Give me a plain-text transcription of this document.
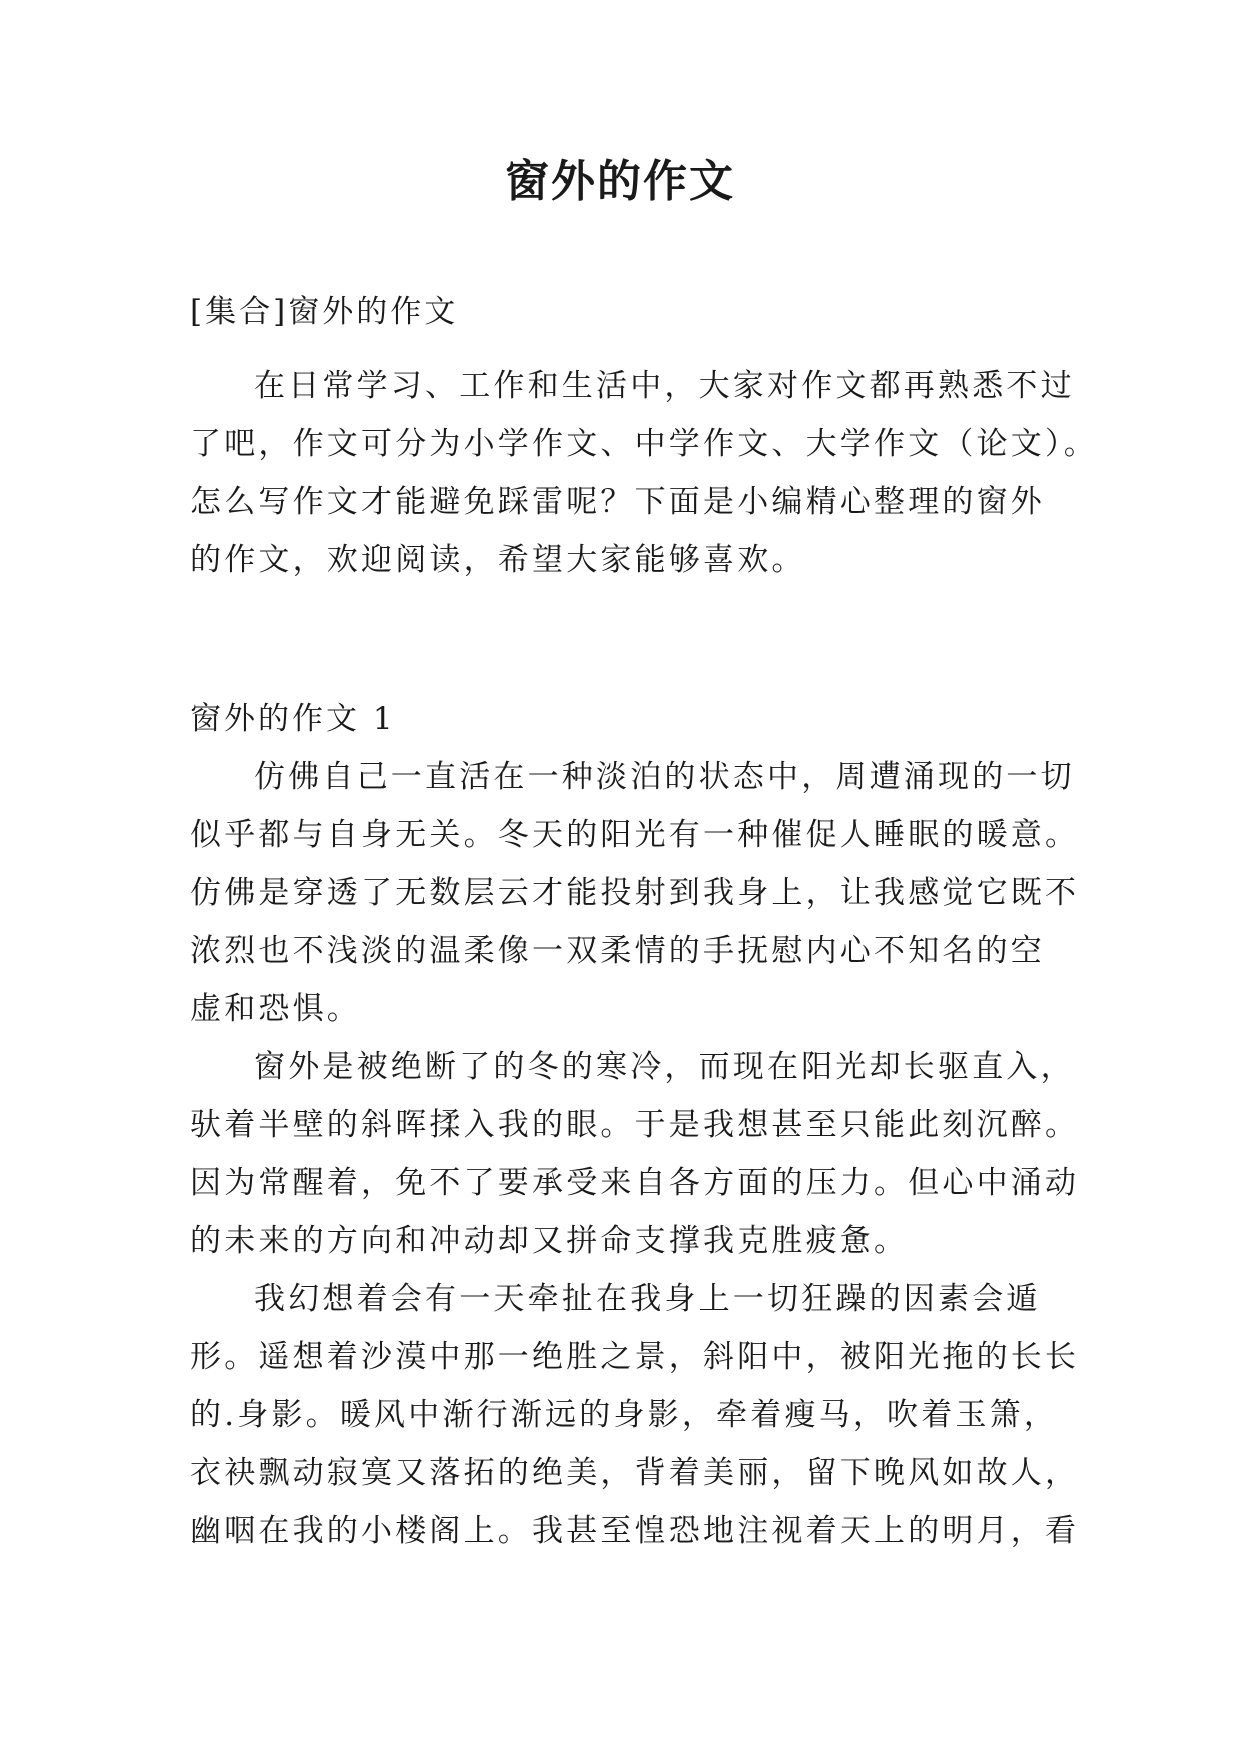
窗外的作文

[集合]窗外的作文

在日常学习、工作和生活中，大家对作文都再熟悉不过
了吧，作文可分为小学作文、中学作文、大学作文（论文）。
怎么写作文才能避免踩雷呢？下面是小编精心整理的窗外
的作文，欢迎阅读，希望大家能够喜欢。
窗外的作文 1
仿佛自己一直活在一种淡泊的状态中，周遭涌现的一切
似乎都与自身无关。冬天的阳光有一种催促人睡眠的暖意。
仿佛是穿透了无数层云才能投射到我身上，让我感觉它既不
浓烈也不浅淡的温柔像一双柔情的手抚慰内心不知名的空
虚和恐惧。
窗外是被绝断了的冬的寒冷，而现在阳光却长驱直入，
驮着半壁的斜晖揉入我的眼。于是我想甚至只能此刻沉醉。
因为常醒着，免不了要承受来自各方面的压力。但心中涌动
的未来的方向和冲动却又拼命支撑我克胜疲惫。
我幻想着会有一天牵扯在我身上一切狂躁的因素会遁
形。遥想着沙漠中那一绝胜之景，斜阳中，被阳光拖的长长
的.身影。暖风中渐行渐远的身影，牵着瘦马，吹着玉箫，
衣袂飘动寂寞又落拓的绝美，背着美丽，留下晚风如故人，
幽咽在我的小楼阁上。我甚至惶恐地注视着天上的明月，看
